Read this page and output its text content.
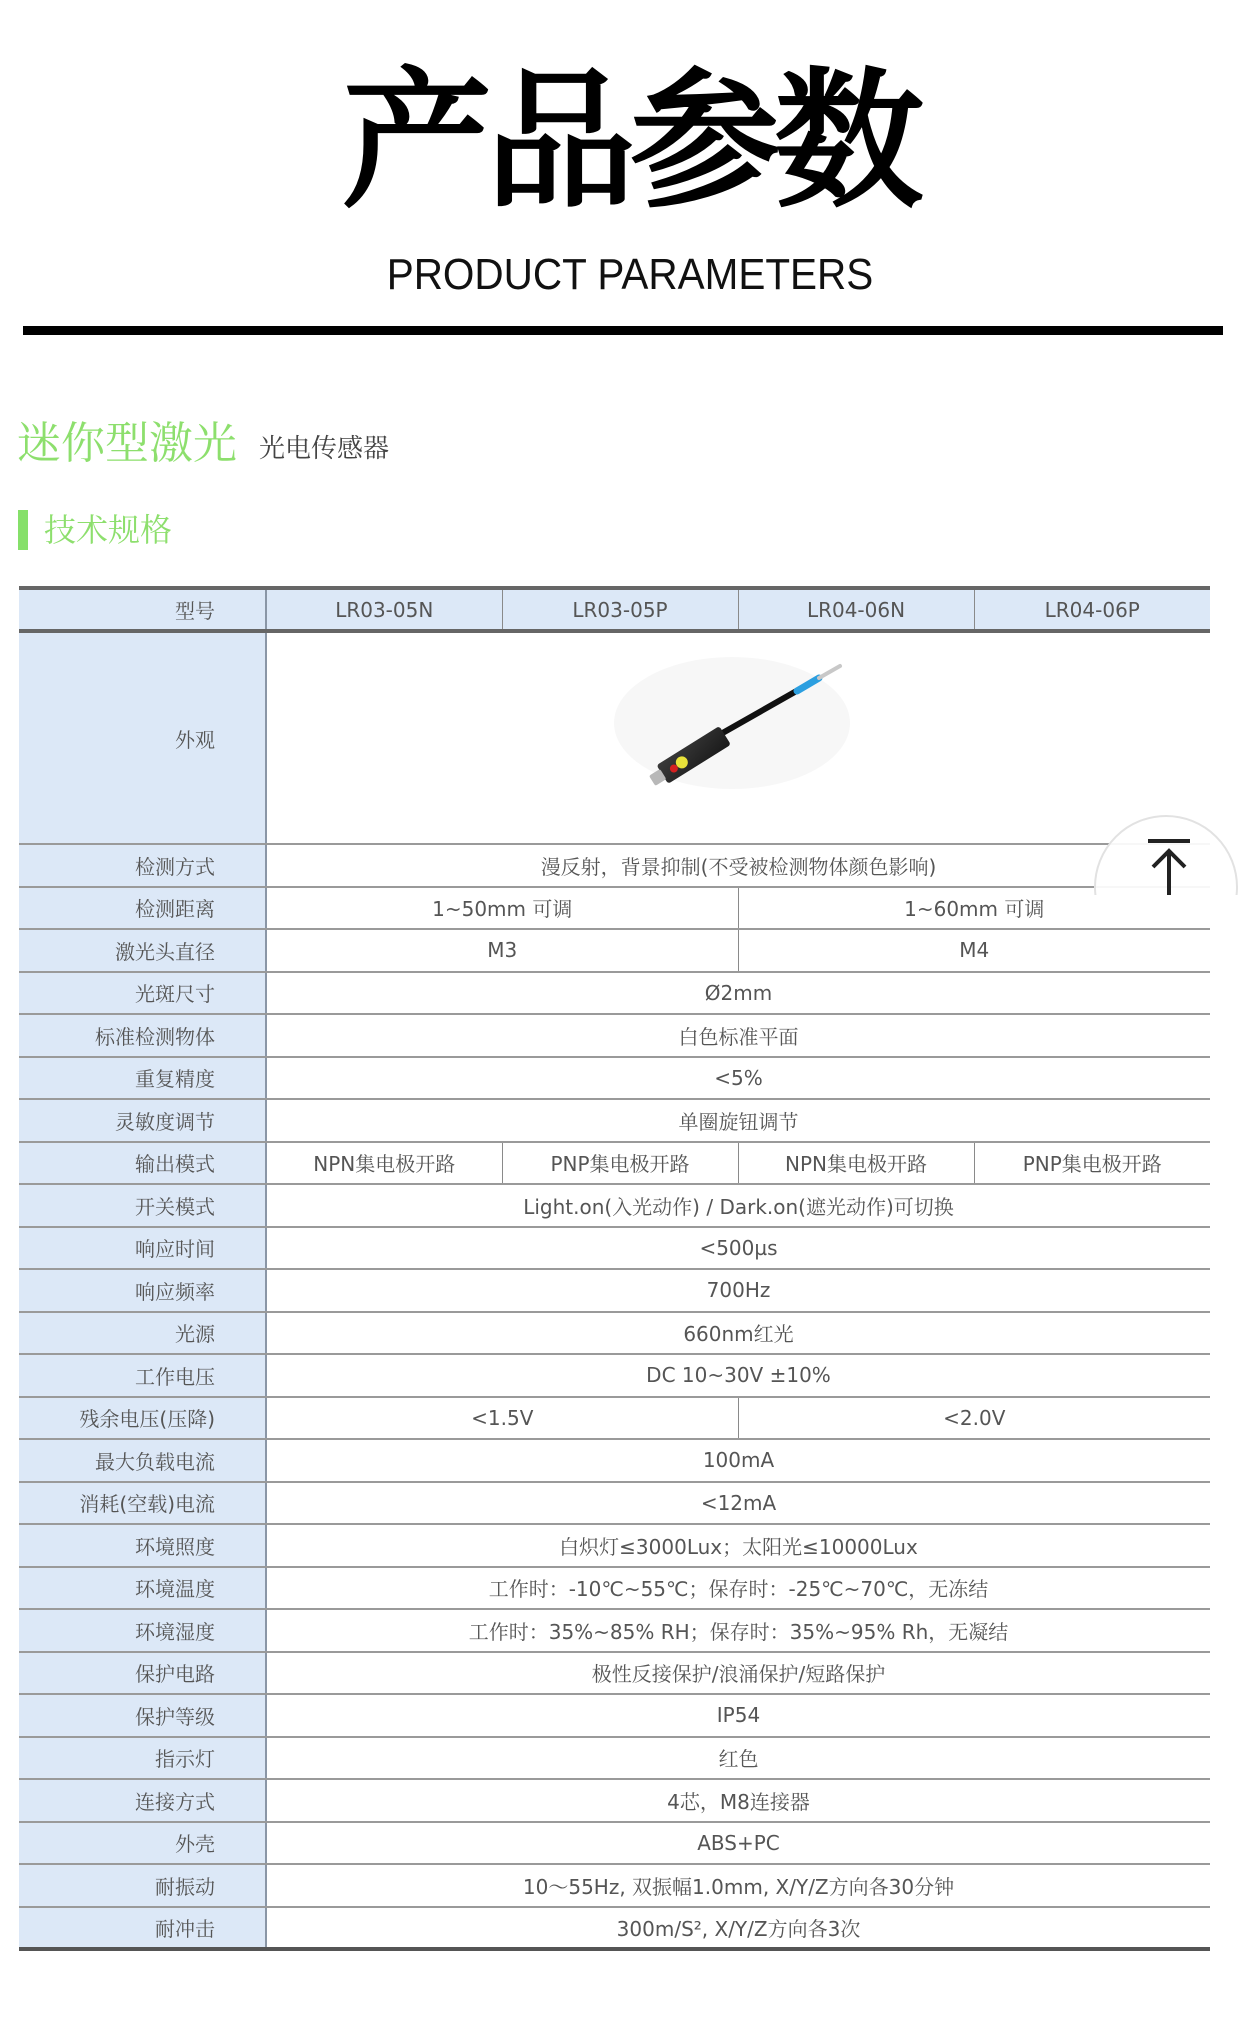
产品参数
PRODUCT PARAMETERS
迷你型激光 光电传感器
技术规格
型号	LR03-05N	LR03-05P	LR04-06N	LR04-06P
外观	

检测方式	漫反射，背景抑制(不受被检测物体颜色影响)			
检测距离	1~50mm 可调		1~60mm 可调	
激光头直径	M3		M4	
光斑尺寸	Ø2mm			
标准检测物体	白色标准平面			
重复精度	<5%			
灵敏度调节	单圈旋钮调节			
输出模式	NPN集电极开路	PNP集电极开路	NPN集电极开路	PNP集电极开路
开关模式	Light.on(入光动作) / Dark.on(遮光动作)可切换			
响应时间	<500µs			
响应频率	700Hz			
光源	660nm红光			
工作电压	DC 10~30V ±10%			
残余电压(压降)	<1.5V		<2.0V	
最大负载电流	100mA			
消耗(空载)电流	<12mA			
环境照度	白炽灯≤3000Lux；太阳光≤10000Lux			
环境温度	工作时：-10℃~55℃；保存时：-25℃~70℃，无冻结			
环境湿度	工作时：35%~85% RH；保存时：35%~95% Rh，无凝结			
保护电路	极性反接保护/浪涌保护/短路保护			
保护等级	IP54			
指示灯	红色			
连接方式	4芯，M8连接器			
外壳	ABS+PC			
耐振动	10～55Hz, 双振幅1.0mm, X/Y/Z方向各30分钟			
耐冲击	300m/S², X/Y/Z方向各3次			
